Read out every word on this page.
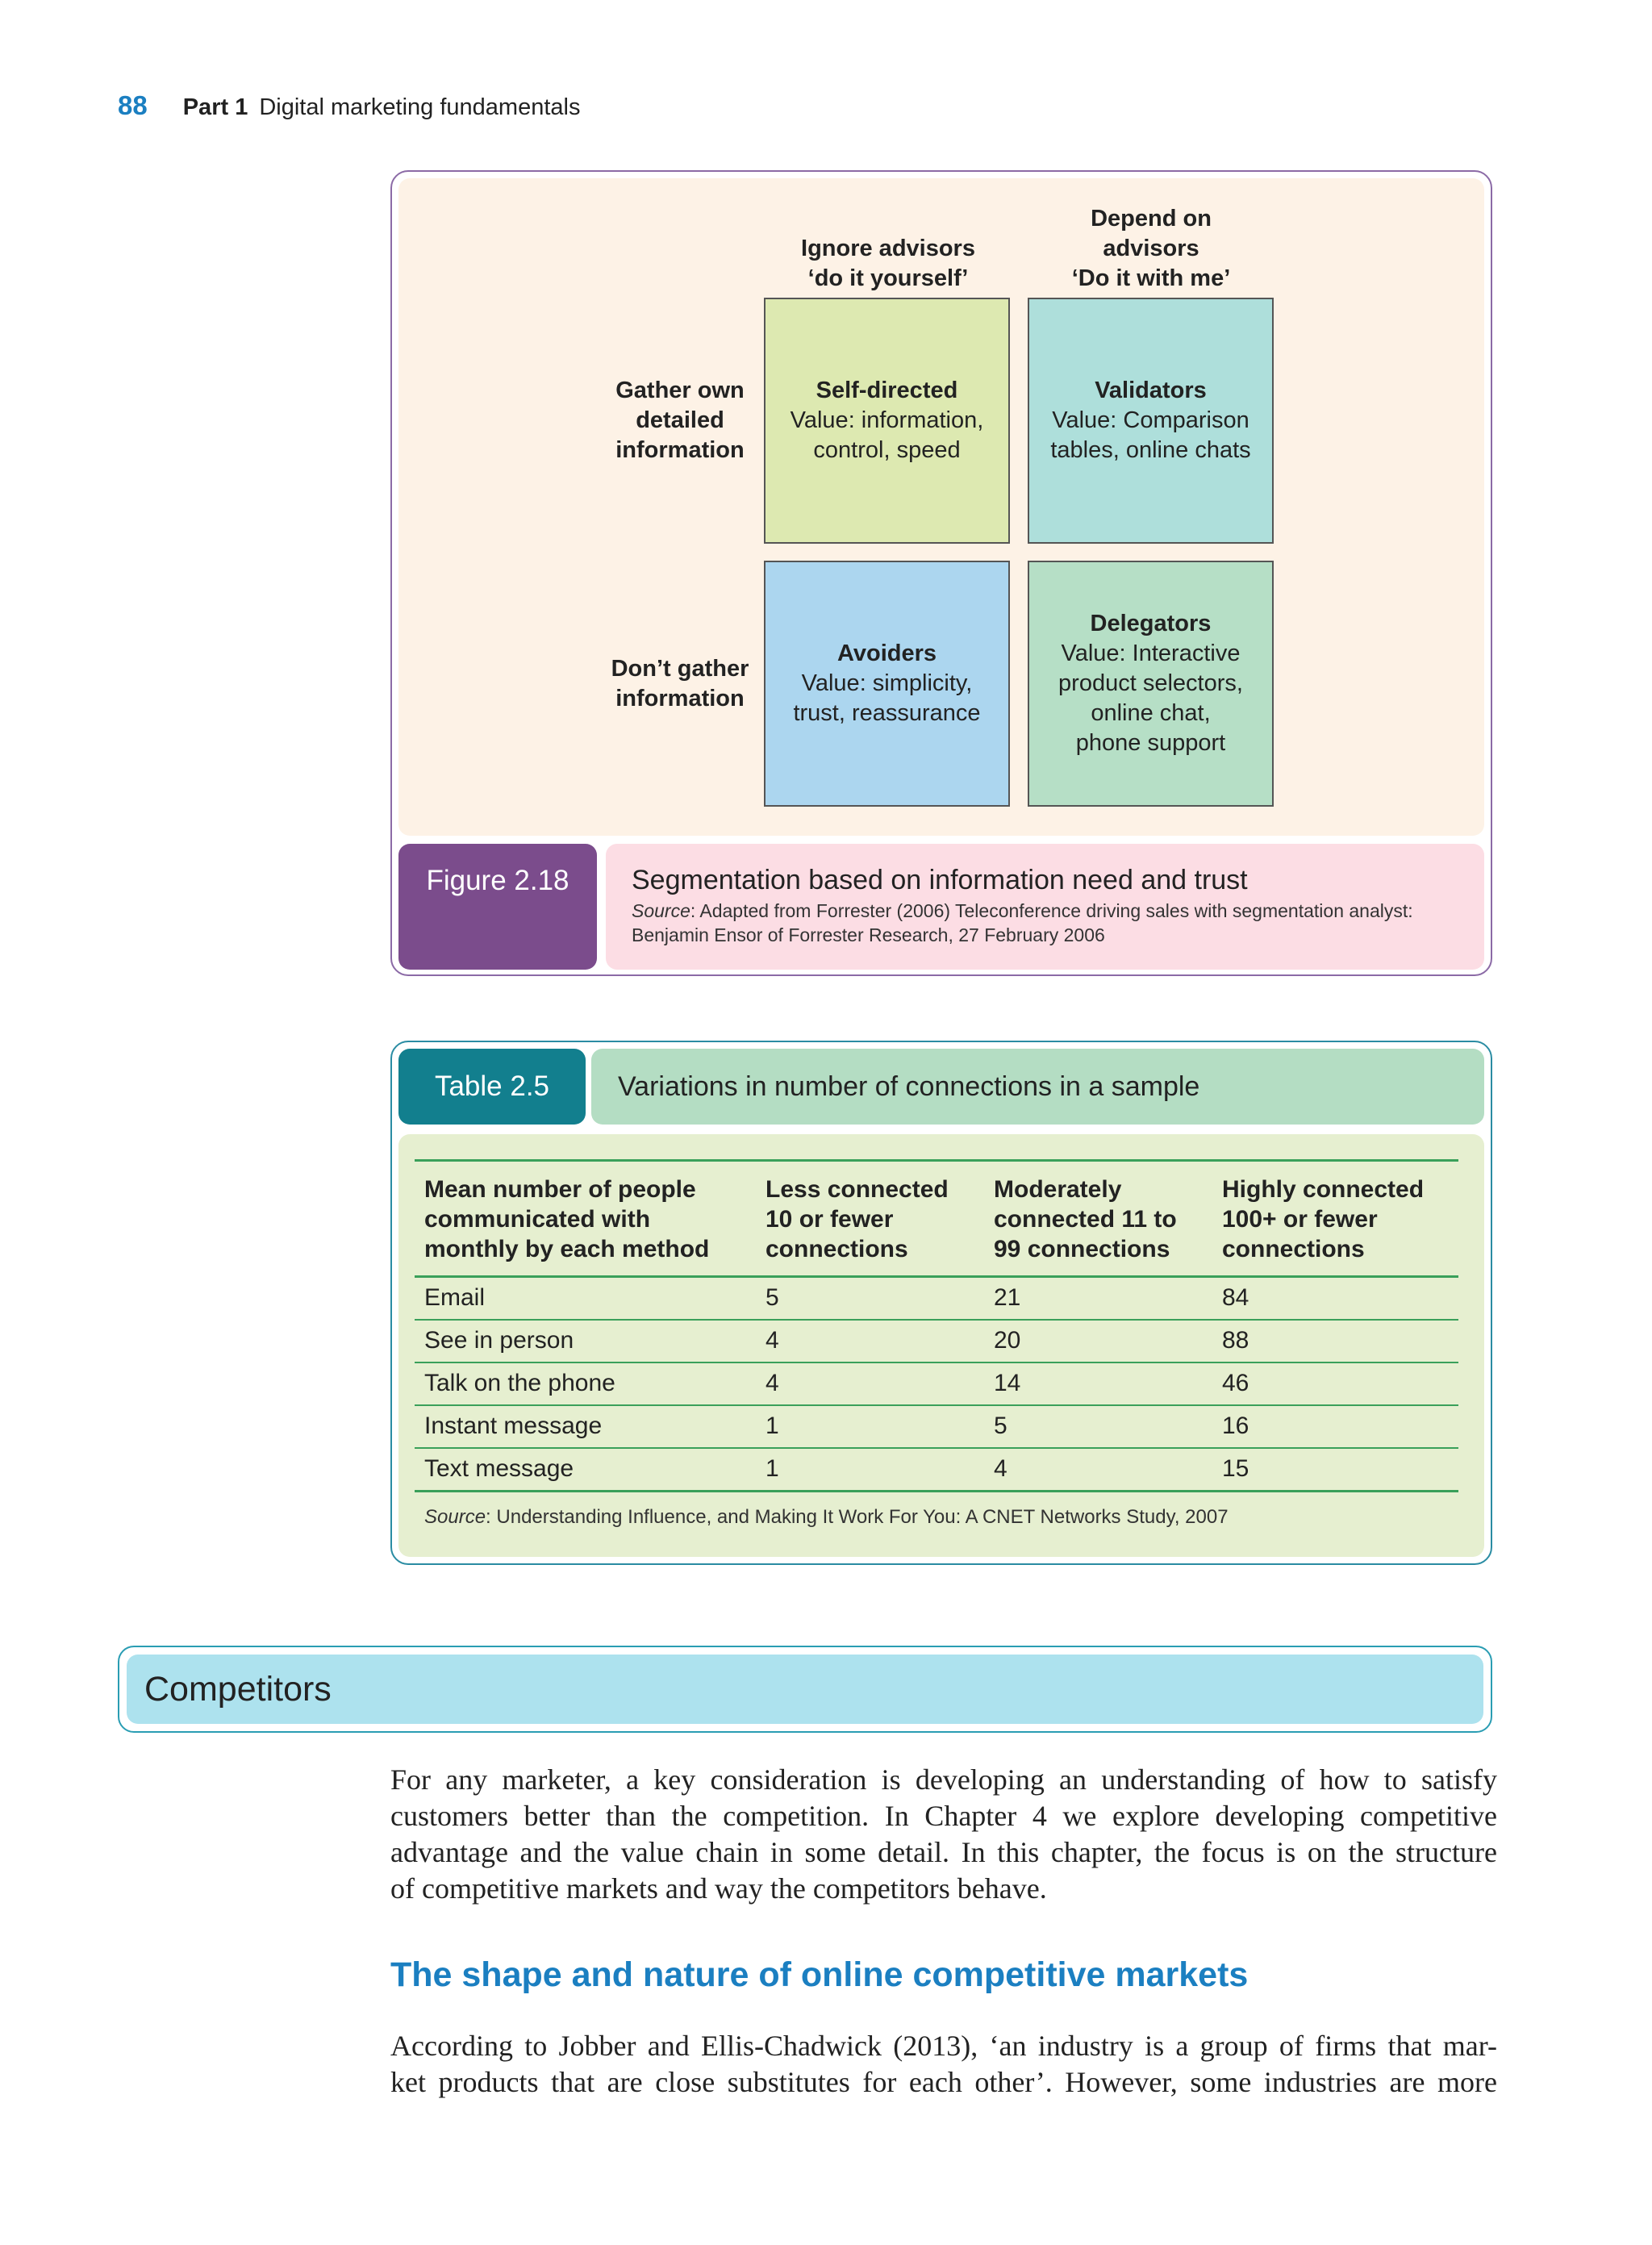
88 Part 1 Digital marketing fundamentals
Ignore advisors
‘do it yourself’
Depend on
advisors
‘Do it with me’
Gather own
detailed
information
Don’t gather
information
Self-directed
Value: information,
control, speed
Validators
Value: Comparison
tables, online chats
Avoiders
Value: simplicity,
trust, reassurance
Delegators
Value: Interactive
product selectors,
online chat,
phone support
Figure 2.18	Segmentation based on information need and trust
Source: Adapted from Forrester (2006) Teleconference driving sales with segmentation analyst:
Benjamin Ensor of Forrester Research, 27 February 2006
Table 2.5	Variations in number of connections in a sample
Mean number of people
communicated with
monthly by each method	Less connected
10 or fewer
connections	Moderately
connected 11 to
99 connections	Highly connected
100+ or fewer
connections
Email	5	21	84
See in person	4	20	88
Talk on the phone	4	14	46
Instant message	1	5	16
Text message	1	4	15
Source: Understanding Influence, and Making It Work For You: A CNET Networks Study, 2007
Competitors
For any marketer, a key consideration is developing an understanding of how to satisfy
customers better than the competition. In Chapter 4 we explore developing competitive
advantage and the value chain in some detail. In this chapter, the focus is on the structure
of competitive markets and way the competitors behave.
The shape and nature of online competitive markets
According to Jobber and Ellis-Chadwick (2013), ‘an industry is a group of firms that mar-
ket products that are close substitutes for each other’. However, some industries are more
